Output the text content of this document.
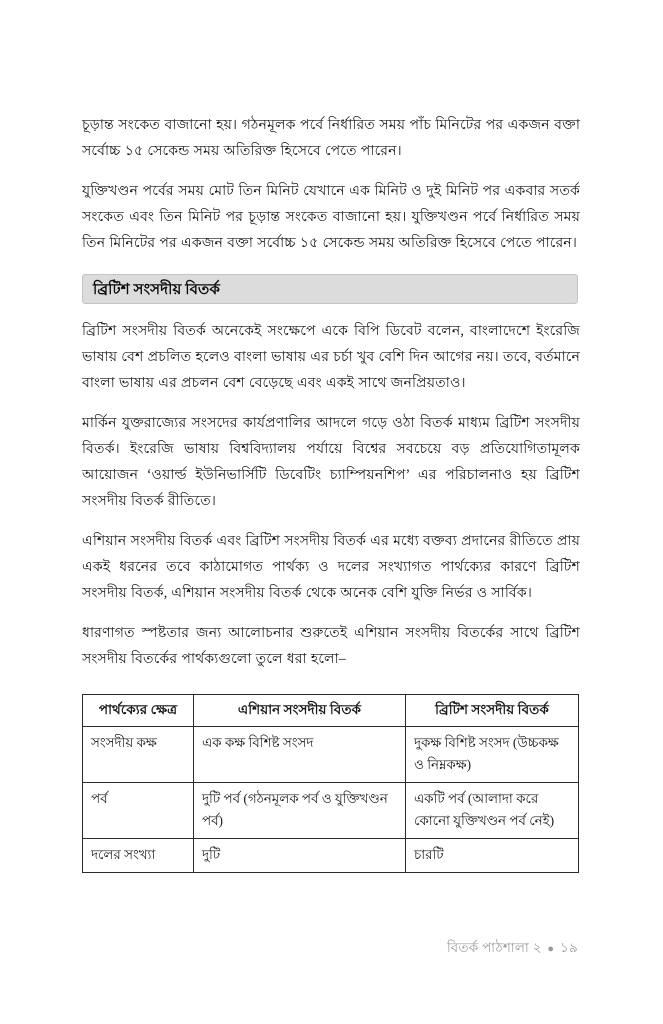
চূড়ান্ত সংকেত বাজানো হয়। গঠনমূলক পর্বে নির্ধারিত সময় পাঁচ মিনিটের পর একজন বক্তা সর্বোচ্চ ১৫ সেকেন্ড সময় অতিরিক্ত হিসেবে পেতে পারেন।

যুক্তিখণ্ডন পর্বের সময় মোট তিন মিনিট যেখানে এক মিনিট ও দুই মিনিট পর একবার সতর্ক সংকেত এবং তিন মিনিট পর চূড়ান্ত সংকেত বাজানো হয়। যুক্তিখণ্ডন পর্বে নির্ধারিত সময় তিন মিনিটের পর একজন বক্তা সর্বোচ্চ ১৫ সেকেন্ড সময় অতিরিক্ত হিসেবে পেতে পারেন।

ব্রিটিশ সংসদীয় বিতর্ক

ব্রিটিশ সংসদীয় বিতর্ক অনেকেই সংক্ষেপে একে বিপি ডিবেট বলেন, বাংলাদেশে ইংরেজি ভাষায় বেশ প্রচলিত হলেও বাংলা ভাষায় এর চর্চা খুব বেশি দিন আগের নয়। তবে, বর্তমানে বাংলা ভাষায় এর প্রচলন বেশ বেড়েছে এবং একই সাথে জনপ্রিয়তাও।

মার্কিন যুক্তরাজ্যের সংসদের কার্যপ্রণালির আদলে গড়ে ওঠা বিতর্ক মাধ্যম ব্রিটিশ সংসদীয় বিতর্ক। ইংরেজি ভাষায় বিশ্ববিদ্যালয় পর্যায়ে বিশ্বের সবচেয়ে বড় প্রতিযোগিতামূলক আয়োজন ‘ওয়ার্ল্ড ইউনিভার্সিটি ডিবেটিং চ্যাম্পিয়নশিপ’ এর পরিচালনাও হয় ব্রিটিশ সংসদীয় বিতর্ক রীতিতে।

এশিয়ান সংসদীয় বিতর্ক এবং ব্রিটিশ সংসদীয় বিতর্ক এর মধ্যে বক্তব্য প্রদানের রীতিতে প্রায় একই ধরনের তবে কাঠামোগত পার্থক্য ও দলের সংখ্যাগত পার্থক্যের কারণে ব্রিটিশ সংসদীয় বিতর্ক, এশিয়ান সংসদীয় বিতর্ক থেকে অনেক বেশি যুক্তি নির্ভর ও সার্বিক।

ধারণাগত স্পষ্টতার জন্য আলোচনার শুরুতেই এশিয়ান সংসদীয় বিতর্কের সাথে ব্রিটিশ সংসদীয় বিতর্কের পার্থক্যগুলো তুলে ধরা হলো–

পার্থক্যের ক্ষেত্র	এশিয়ান সংসদীয় বিতর্ক	ব্রিটিশ সংসদীয় বিতর্ক
সংসদীয় কক্ষ	এক কক্ষ বিশিষ্ট সংসদ	দুকক্ষ বিশিষ্ট সংসদ (উচ্চকক্ষ ও নিম্নকক্ষ)
পর্ব	দুটি পর্ব (গঠনমূলক পর্ব ও যুক্তিখণ্ডন পর্ব)	একটি পর্ব (আলাদা করে কোনো যুক্তিখণ্ডন পর্ব নেই)
দলের সংখ্যা	দুটি	চারটি
বিতর্ক পাঠশালা ২ ● ১৯
